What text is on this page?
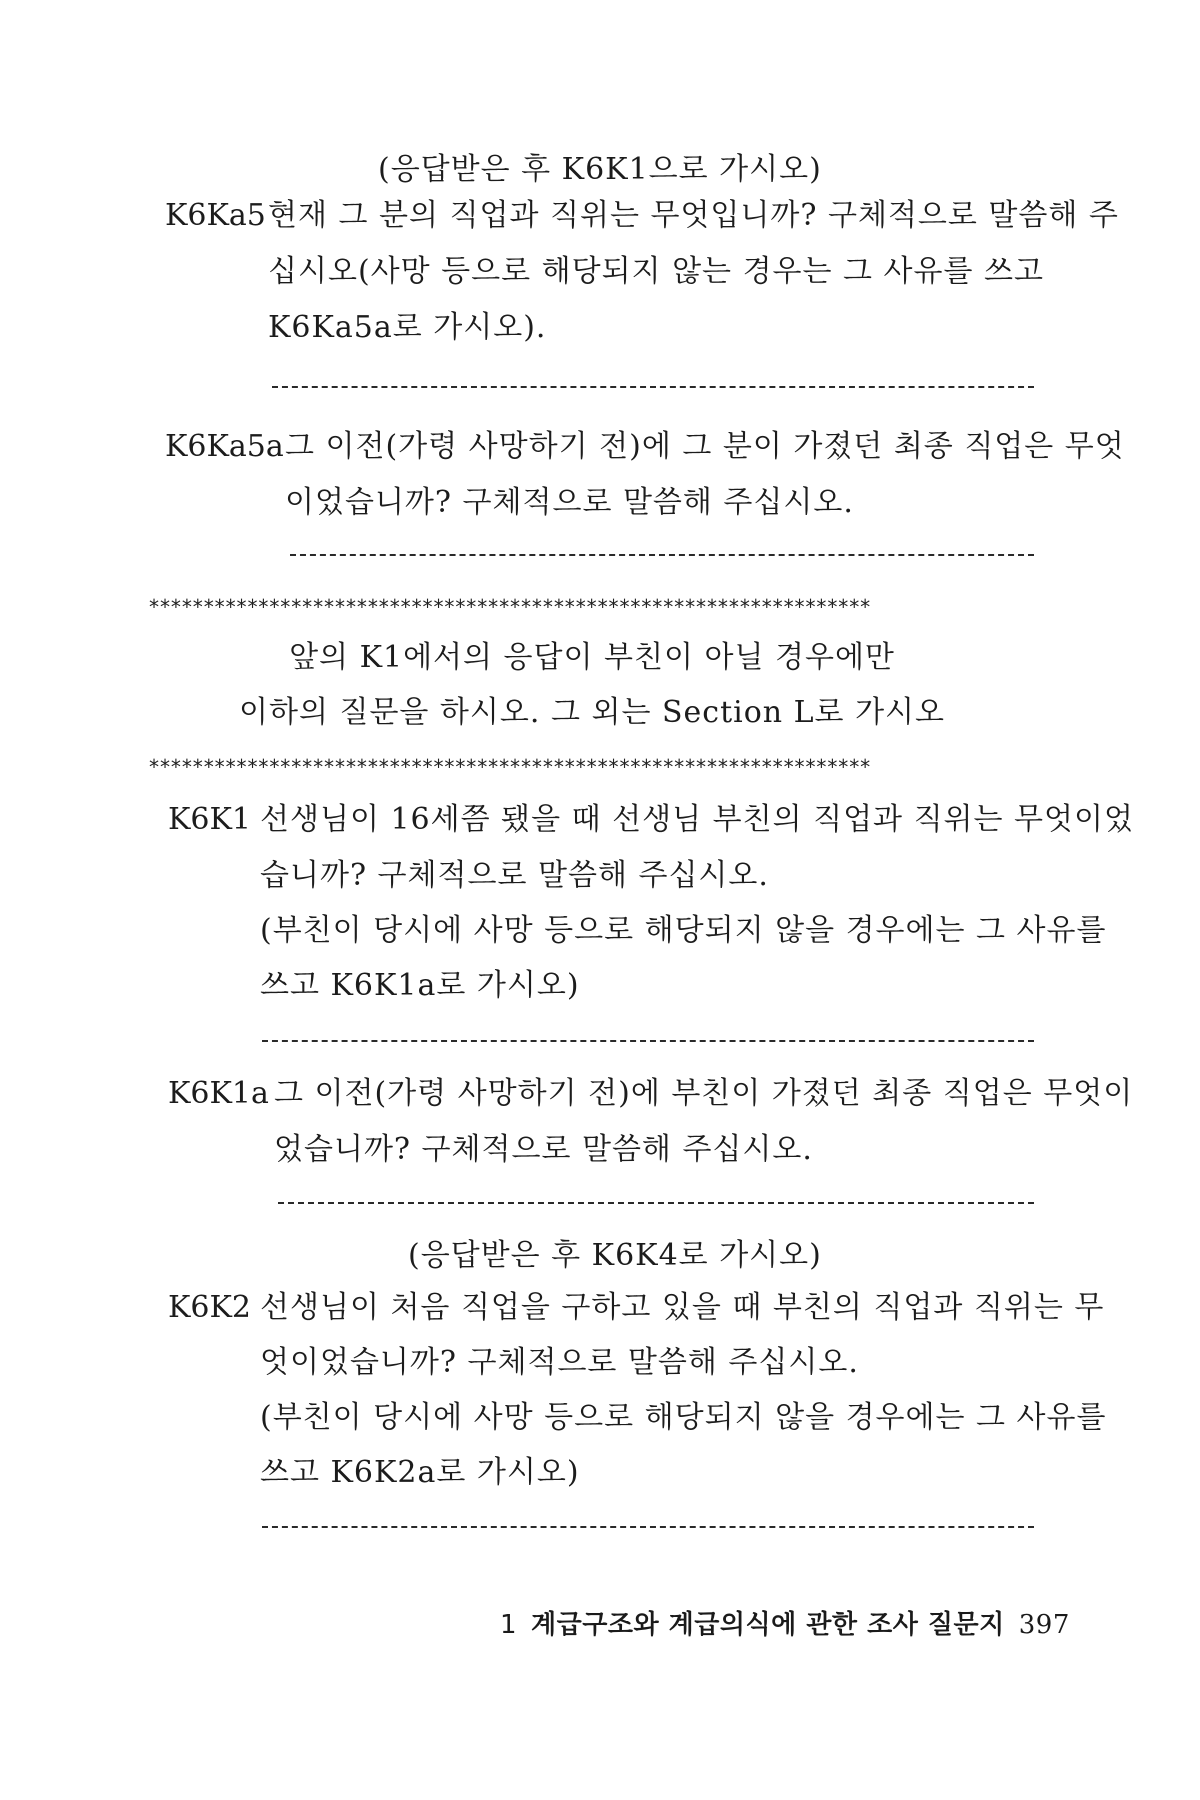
(응답받은 후 K6K1으로 가시오)
K6Ka5 현재 그 분의 직업과 직위는 무엇입니까? 구체적으로 말씀해 주
십시오(사망 등으로 해당되지 않는 경우는 그 사유를 쓰고
K6Ka5a로 가시오).
K6Ka5a 그 이전(가령 사망하기 전)에 그 분이 가졌던 최종 직업은 무엇
이었습니까? 구체적으로 말씀해 주십시오.
******************************************************************
앞의 K1에서의 응답이 부친이 아닐 경우에만
이하의 질문을 하시오. 그 외는 Section L로 가시오
******************************************************************
K6K1 선생님이 16세쯤 됐을 때 선생님 부친의 직업과 직위는 무엇이었
습니까? 구체적으로 말씀해 주십시오.
(부친이 당시에 사망 등으로 해당되지 않을 경우에는 그 사유를
쓰고 K6K1a로 가시오)
K6K1a 그 이전(가령 사망하기 전)에 부친이 가졌던 최종 직업은 무엇이
었습니까? 구체적으로 말씀해 주십시오.
(응답받은 후 K6K4로 가시오)
K6K2 선생님이 처음 직업을 구하고 있을 때 부친의 직업과 직위는 무
엇이었습니까? 구체적으로 말씀해 주십시오.
(부친이 당시에 사망 등으로 해당되지 않을 경우에는 그 사유를
쓰고 K6K2a로 가시오)
1 계급구조와 계급의식에 관한 조사 질문지 397
